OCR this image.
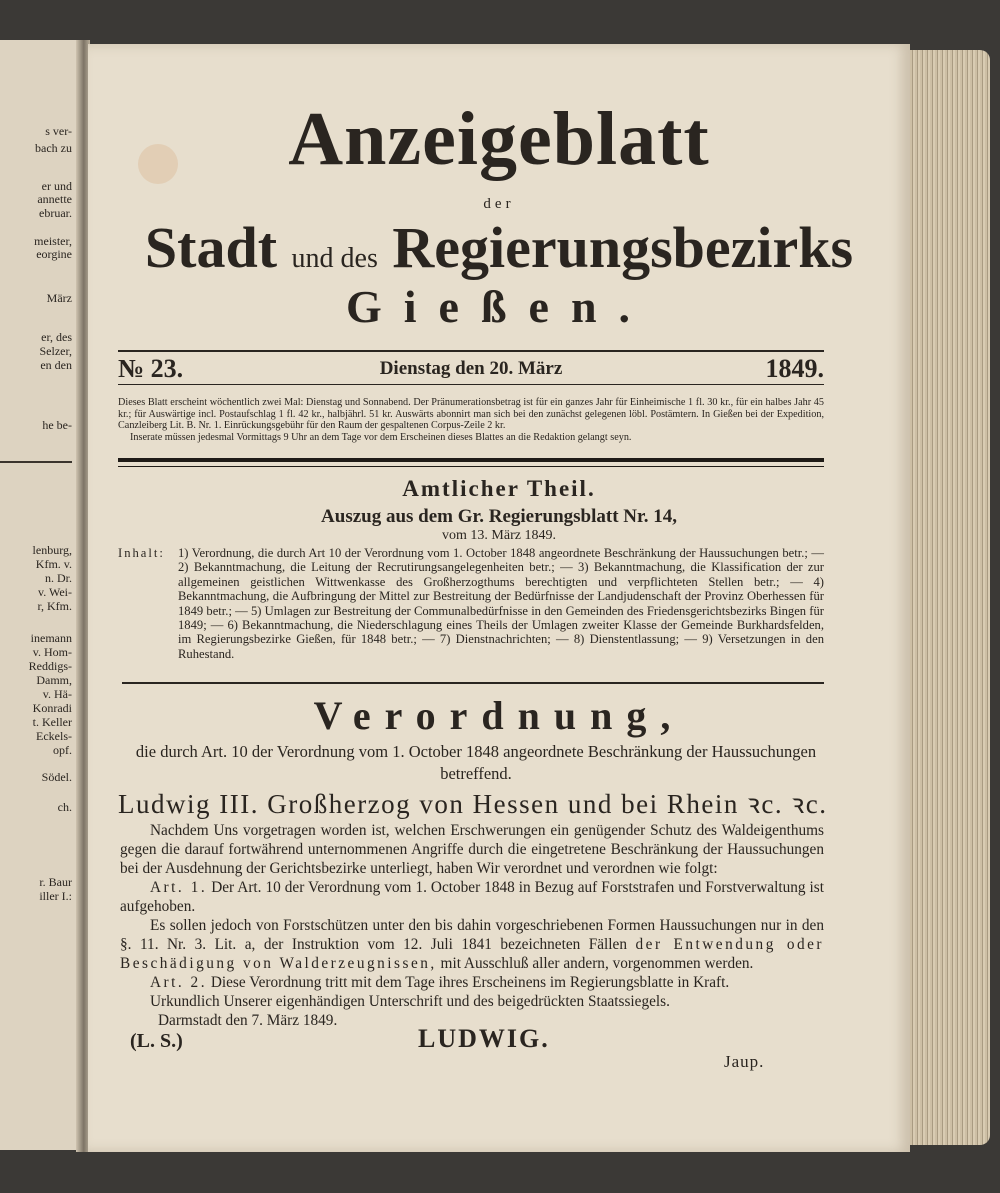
s ver-
bach zu
er und
annette
ebruar.
meister,
eorgine
März
er, des
Selzer,
en den
he be-
lenburg,
Kfm. v.
n. Dr.
v. Wei-
r, Kfm.
inemann
v. Hom-
Reddigs-
Damm,
v. Hä-
Konradi
t. Keller
Eckels-
opf.
Södel.
ch.
r. Baur
iller I.:
Anzeigeblatt
der
Stadt und des Regierungsbezirks
Gießen.
№ 23.	Dienstag den 20. März	1849.
Dieses Blatt erscheint wöchentlich zwei Mal: Dienstag und Sonnabend. Der Pränumerationsbetrag ist für ein ganzes Jahr für Einheimische 1 fl. 30 kr., für ein halbes Jahr 45 kr.; für Auswärtige incl. Postaufschlag 1 fl. 42 kr., halbjährl. 51 kr. Auswärts abonnirt man sich bei den zunächst gelegenen löbl. Postämtern. In Gießen bei der Expedition, Canzleiberg Lit. B. Nr. 1. Einrückungsgebühr für den Raum der gespaltenen Corpus-Zeile 2 kr.
Inserate müssen jedesmal Vormittags 9 Uhr an dem Tage vor dem Erscheinen dieses Blattes an die Redaktion gelangt seyn.
Amtlicher Theil.
Auszug aus dem Gr. Regierungsblatt Nr. 14,
vom 13. März 1849.
Inhalt: 1) Verordnung, die durch Art 10 der Verordnung vom 1. October 1848 angeordnete Beschränkung der Haussuchungen betr.; — 2) Bekanntmachung, die Leitung der Recrutirungsangelegenheiten betr.; — 3) Bekanntmachung, die Klassification der zur allgemeinen geistlichen Wittwenkasse des Großherzogthums berechtigten und verpflichteten Stellen betr.; — 4) Bekanntmachung, die Aufbringung der Mittel zur Bestreitung der Bedürfnisse der Landjudenschaft der Provinz Oberhessen für 1849 betr.; — 5) Umlagen zur Bestreitung der Communalbedürfnisse in den Gemeinden des Friedensgerichtsbezirks Bingen für 1849; — 6) Bekanntmachung, die Niederschlagung eines Theils der Umlagen zweiter Klasse der Gemeinde Burkhardsfelden, im Regierungsbezirke Gießen, für 1848 betr.; — 7) Dienstnachrichten; — 8) Dienstentlassung; — 9) Versetzungen in den Ruhestand.
Verordnung,
die durch Art. 10 der Verordnung vom 1. October 1848 angeordnete Beschränkung der Haussuchungen betreffend.
Ludwig III. Großherzog von Hessen und bei Rhein ꝛc. ꝛc.

Nachdem Uns vorgetragen worden ist, welchen Erschwerungen ein genügender Schutz des Waldeigenthums gegen die darauf fortwährend unternommenen Angriffe durch die eingetretene Beschränkung der Haussuchungen bei der Ausdehnung der Gerichtsbezirke unterliegt, haben Wir verordnet und verordnen wie folgt:

Art. 1. Der Art. 10 der Verordnung vom 1. October 1848 in Bezug auf Forststrafen und Forstverwaltung ist aufgehoben.

Es sollen jedoch von Forstschützen unter den bis dahin vorgeschriebenen Formen Haussuchungen nur in den §. 11. Nr. 3. Lit. a, der Instruktion vom 12. Juli 1841 bezeichneten Fällen der Entwendung oder Beschädigung von Walderzeugnissen, mit Ausschluß aller andern, vorgenommen werden.

Art. 2. Diese Verordnung tritt mit dem Tage ihres Erscheinens im Regierungsblatte in Kraft.

Urkundlich Unserer eigenhändigen Unterschrift und des beigedrückten Staatssiegels.

Darmstadt den 7. März 1849.

(L. S.)	LUDWIG.
Jaup.
